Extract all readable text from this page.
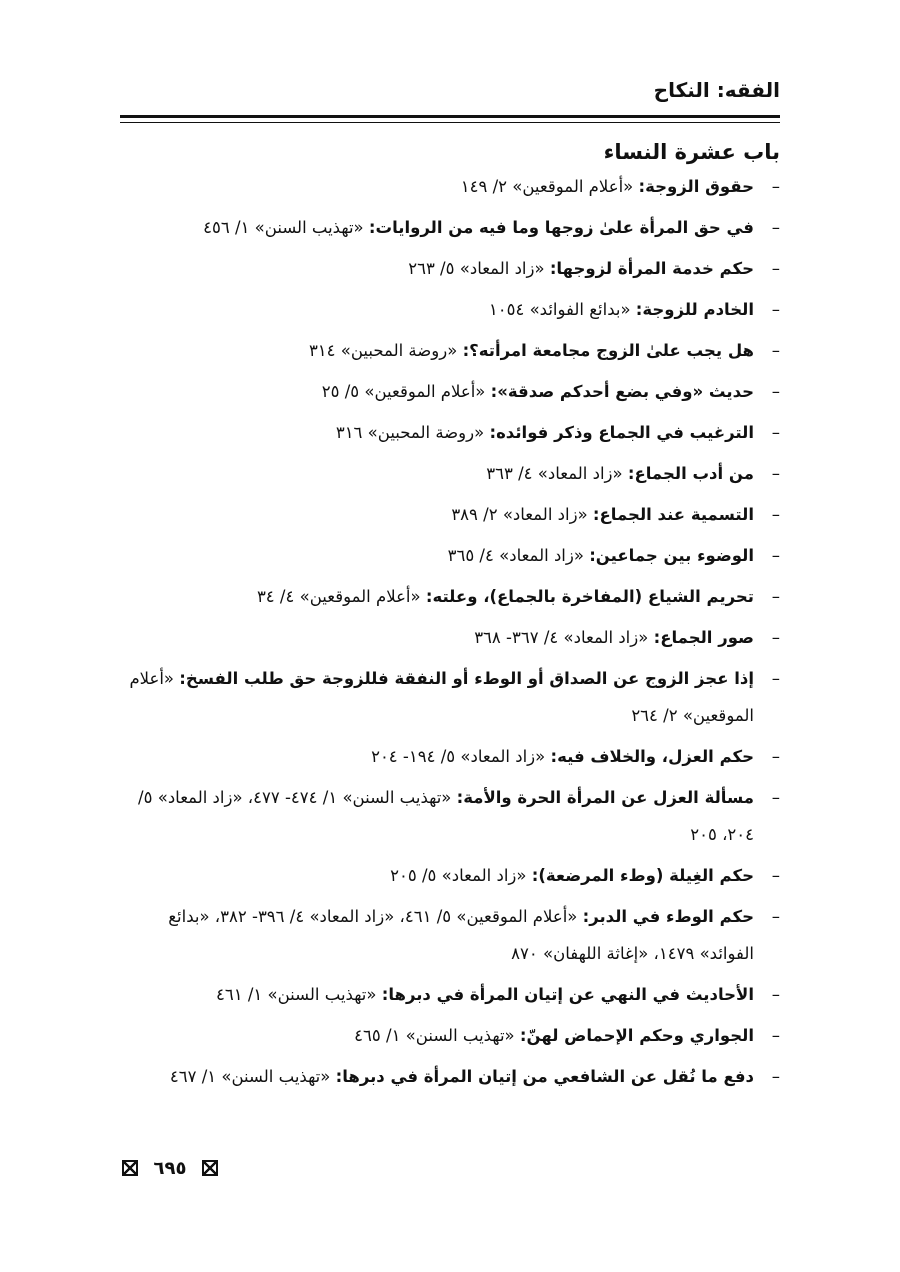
الفقه: النكاح
باب عشرة النساء
– حقوق الزوجة: «أعلام الموقعين» ٢/ ١٤٩
– في حق المرأة علىٰ زوجها وما فيه من الروايات: «تهذيب السنن» ١/ ٤٥٦
– حكم خدمة المرأة لزوجها: «زاد المعاد» ٥/ ٢٦٣
– الخادم للزوجة: «بدائع الفوائد» ١٠٥٤
– هل يجب علىٰ الزوج مجامعة امرأته؟: «روضة المحبين» ٣١٤
– حديث «وفي بضع أحدكم صدقة»: «أعلام الموقعين» ٥/ ٢٥
– الترغيب في الجماع وذكر فوائده: «روضة المحبين» ٣١٦
– من أدب الجماع: «زاد المعاد» ٤/ ٣٦٣
– التسمية عند الجماع: «زاد المعاد» ٢/ ٣٨٩
– الوضوء بين جماعين: «زاد المعاد» ٤/ ٣٦٥
– تحريم الشياع (المفاخرة بالجماع)، وعلته: «أعلام الموقعين» ٤/ ٣٤
– صور الجماع: «زاد المعاد» ٤/ ٣٦٧- ٣٦٨
– إذا عجز الزوج عن الصداق أو الوطء أو النفقة فللزوجة حق طلب الفسخ: «أعلام الموقعين» ٢/ ٢٦٤
– حكم العزل، والخلاف فيه: «زاد المعاد» ٥/ ١٩٤- ٢٠٤
– مسألة العزل عن المرأة الحرة والأمة: «تهذيب السنن» ١/ ٤٧٤- ٤٧٧، «زاد المعاد» ٥/ ٢٠٤، ٢٠٥
– حكم الغِيلة (وطء المرضعة): «زاد المعاد» ٥/ ٢٠٥
– حكم الوطء في الدبر: «أعلام الموقعين» ٥/ ٤٦١، «زاد المعاد» ٤/ ٣٩٦- ٣٨٢، «بدائع الفوائد» ١٤٧٩، «إغاثة اللهفان» ٨٧٠
– الأحاديث في النهي عن إتيان المرأة في دبرها: «تهذيب السنن» ١/ ٤٦١
– الجواري وحكم الإحماض لهنّ: «تهذيب السنن» ١/ ٤٦٥
– دفع ما نُقل عن الشافعي من إتيان المرأة في دبرها: «تهذيب السنن» ١/ ٤٦٧
٦٩٥
